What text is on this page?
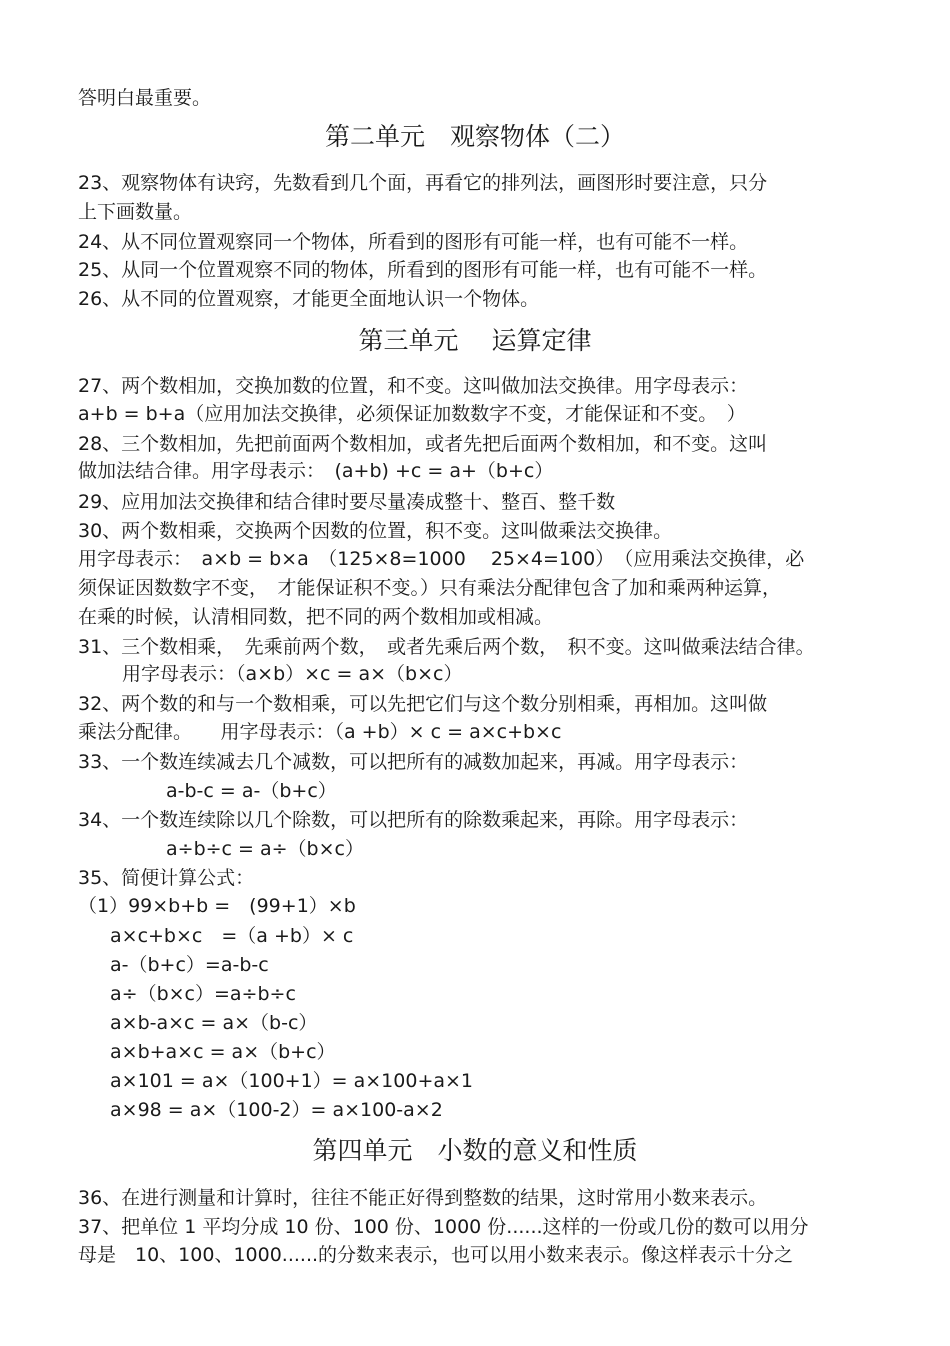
答明白最重要。
第二单元　观察物体（二）
23、观察物体有诀窍，先数看到几个面，再看它的排列法，画图形时要注意，只分
上下画数量。
24、从不同位置观察同一个物体，所看到的图形有可能一样，也有可能不一样。
25、从同一个位置观察不同的物体，所看到的图形有可能一样，也有可能不一样。
26、从不同的位置观察，才能更全面地认识一个物体。
第三单元　 运算定律
27、两个数相加，交换加数的位置，和不变。这叫做加法交换律。用字母表示：
a+b = b+a（应用加法交换律，必须保证加数数字不变，才能保证和不变。　）
28、三个数相加，先把前面两个数相加，或者先把后面两个数相加，和不变。这叫
做加法结合律。用字母表示：　(a+b) +c = a+（b+c）
29、应用加法交换律和结合律时要尽量凑成整十、整百、整千数
30、两个数相乘，交换两个因数的位置，积不变。这叫做乘法交换律。
用字母表示：　a×b = b×a　（125×8=1000　 25×4=100）　（应用乘法交换律，必
须保证因数数字不变，　才能保证积不变。）只有乘法分配律包含了加和乘两种运算，
在乘的时候，认清相同数，把不同的两个数相加或相减。
31、三个数相乘，　先乘前两个数，　或者先乘后两个数，　积不变。这叫做乘法结合律。
用字母表示：（a×b）×c = a×（b×c）
32、两个数的和与一个数相乘，可以先把它们与这个数分别相乘，再相加。这叫做
乘法分配律。　　用字母表示：（a +b）× c = a×c+b×c
33、一个数连续减去几个减数，可以把所有的减数加起来，再减。用字母表示：
a-b-c = a-（b+c）
34、一个数连续除以几个除数，可以把所有的除数乘起来，再除。用字母表示：
a÷b÷c = a÷（b×c）
35、简便计算公式：
（1）99×b+b =　(99+1）×b
a×c+b×c　=（a +b）× c
a-（b+c）=a-b-c
a÷（b×c）=a÷b÷c
a×b-a×c = a×（b-c）
a×b+a×c = a×（b+c）
a×101 = a×（100+1）= a×100+a×1
a×98 = a×（100-2）= a×100-a×2
第四单元　小数的意义和性质
36、在进行测量和计算时，往往不能正好得到整数的结果，这时常用小数来表示。
37、把单位 1 平均分成 10 份、100 份、1000 份......这样的一份或几份的数可以用分
母是　10、100、1000......的分数来表示，也可以用小数来表示。像这样表示十分之
